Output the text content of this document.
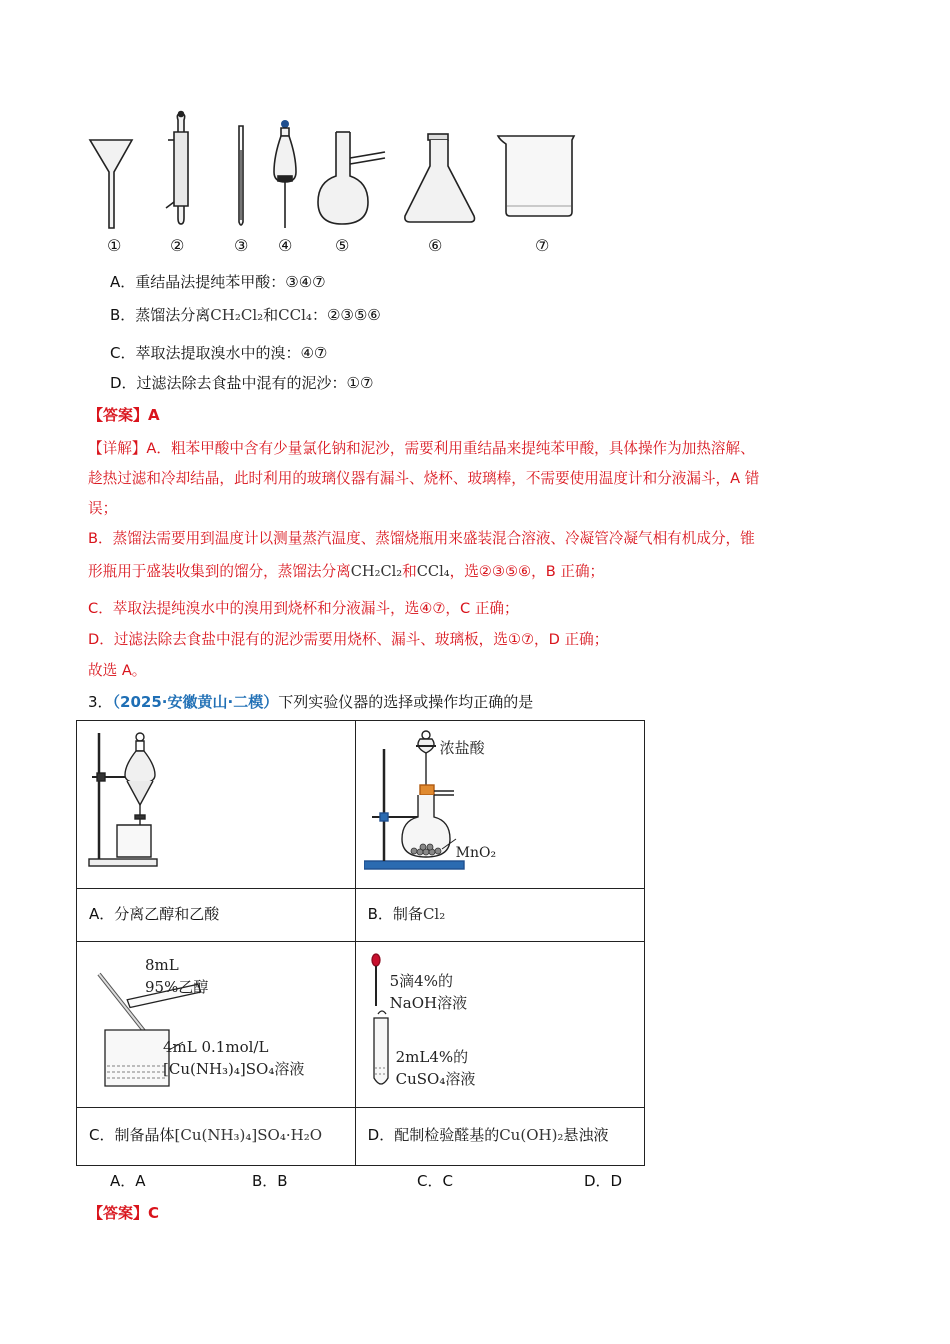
①	②	③ ④	⑤	⑥	⑦
A．重结晶法提纯苯甲酸：③④⑦
B．蒸馏法分离CH₂Cl₂和CCl₄：②③⑤⑥
C．萃取法提取溴水中的溴：④⑦
D．过滤法除去食盐中混有的泥沙：①⑦
【答案】A
【详解】A．粗苯甲酸中含有少量氯化钠和泥沙，需要利用重结晶来提纯苯甲酸，具体操作为加热溶解、
趁热过滤和冷却结晶，此时利用的玻璃仪器有漏斗、烧杯、玻璃棒，不需要使用温度计和分液漏斗，A 错
误；
B．蒸馏法需要用到温度计以测量蒸汽温度、蒸馏烧瓶用来盛装混合溶液、冷凝管冷凝气相有机成分，锥
形瓶用于盛装收集到的馏分，蒸馏法分离CH₂Cl₂和CCl₄，选②③⑤⑥，B 正确；
C．萃取法提纯溴水中的溴用到烧杯和分液漏斗，选④⑦，C 正确；
D．过滤法除去食盐中混有的泥沙需要用烧杯、漏斗、玻璃板，选①⑦，D 正确；
故选 A。
3．（2025·安徽黄山·二模）下列实验仪器的选择或操作均正确的是

浓盐酸
MnO₂

A．分离乙醇和乙酸	B．制备Cl₂

8mL
95%乙醇
4mL 0.1mol/L
[Cu(NH₃)₄]SO₄溶液	5滴4%的
NaOH溶液
2mL4%的
CuSO₄溶液

C．制备晶体[Cu(NH₃)₄]SO₄·H₂O	D．配制检验醛基的Cu(OH)₂悬浊液
A．A	B．B	C．C	D．D
【答案】C
